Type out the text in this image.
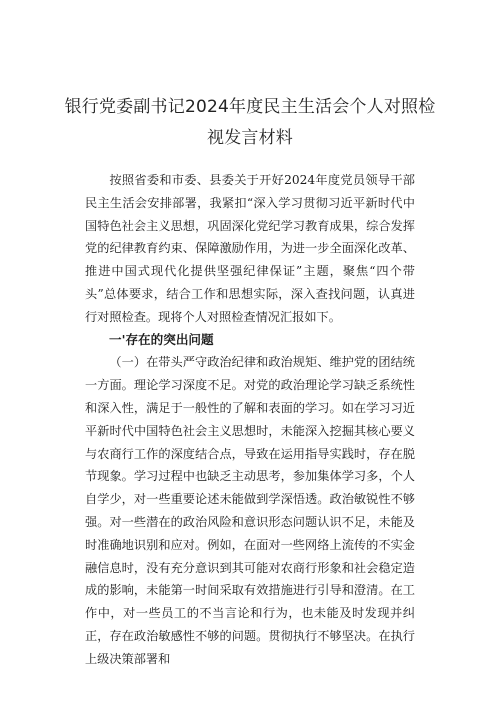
银行党委副书记2024年度民主生活会个人对照检视发言材料

按照省委和市委、县委关于开好2024年度党员领导干部民主生活会安排部署，我紧扣“深入学习贯彻习近平新时代中国特色社会主义思想，巩固深化党纪学习教育成果，综合发挥党的纪律教育约束、保障激励作用，为进一步全面深化改革、推进中国式现代化提供坚强纪律保证”主题，聚焦“四个带头”总体要求，结合工作和思想实际，深入查找问题，认真进行对照检查。现将个人对照检查情况汇报如下。

一'存在的突出问题

（一）在带头严守政治纪律和政治规矩、维护党的团结统一方面。理论学习深度不足。对党的政治理论学习缺乏系统性和深入性，满足于一般性的了解和表面的学习。如在学习习近平新时代中国特色社会主义思想时，未能深入挖掘其核心要义与农商行工作的深度结合点，导致在运用指导实践时，存在脱节现象。学习过程中也缺乏主动思考，参加集体学习多，个人自学少，对一些重要论述未能做到学深悟透。政治敏锐性不够强。对一些潜在的政治风险和意识形态问题认识不足，未能及时准确地识别和应对。例如，在面对一些网络上流传的不实金融信息时，没有充分意识到其可能对农商行形象和社会稳定造成的影响，未能第一时间采取有效措施进行引导和澄清。在工作中，对一些员工的不当言论和行为，也未能及时发现并纠正，存在政治敏感性不够的问题。贯彻执行不够坚决。在执行上级决策部署和
